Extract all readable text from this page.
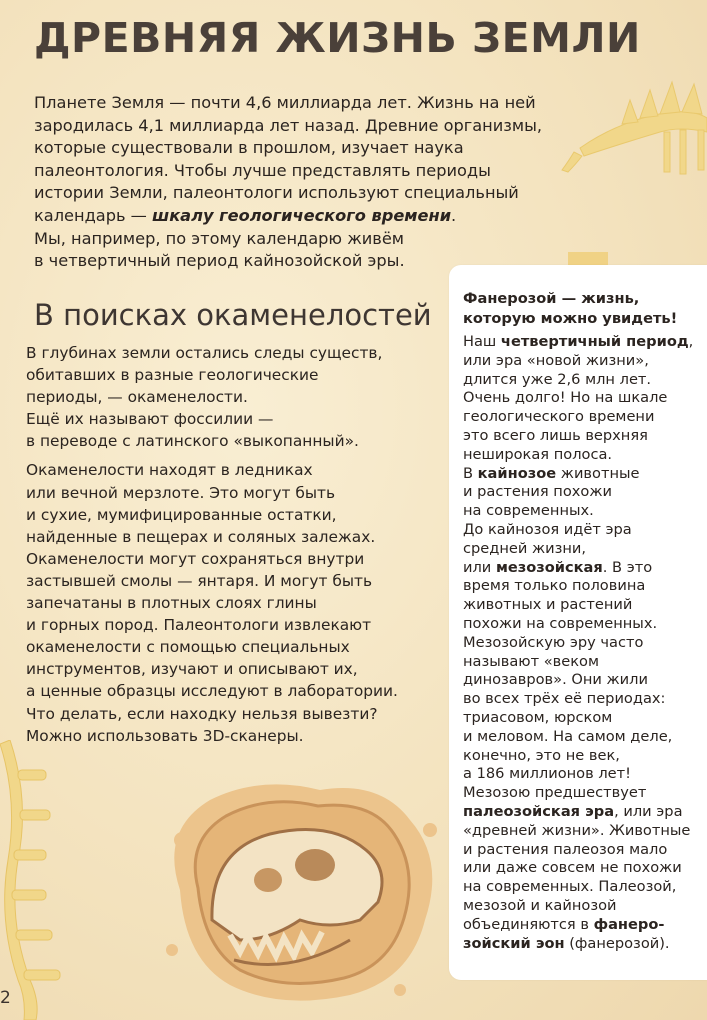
ДРЕВНЯЯ ЖИЗНЬ ЗЕМЛИ

Планете Земля — почти 4,6 миллиарда лет. Жизнь на ней
зародилась 4,1 миллиарда лет назад. Древние организмы,
которые существовали в прошлом, изучает наука
палеонтология. Чтобы лучше представлять периоды
истории Земли, палеонтологи используют специальный
календарь — шкалу геологического времени.
Мы, например, по этому календарю живём
в четвертичный период кайнозойской эры.

В поисках окаменелостей
В глубинах земли остались следы существ,
обитавших в разные геологические
периоды, — окаменелости.
Ещё их называют фоссилии —
в переводе с латинского «выкопанный».
Окаменелости находят в ледниках
или вечной мерзлоте. Это могут быть
и сухие, мумифицированные остатки,
найденные в пещерах и соляных залежах.
Окаменелости могут сохраняться внутри
застывшей смолы — янтаря. И могут быть
запечатаны в плотных слоях глины
и горных пород. Палеонтологи извлекают
окаменелости с помощью специальных
инструментов, изучают и описывают их,
а ценные образцы исследуют в лаборатории.
Что делать, если находку нельзя вывезти?
Можно использовать 3D-сканеры.
Фанерозой — жизнь,
которую можно увидеть!
Наш четвертичный период,
или эра «новой жизни»,
длится уже 2,6 млн лет.
Очень долго! Но на шкале
геологического времени
это всего лишь верхняя
неширокая полоса.
В кайнозое животные
и растения похожи
на современных.
До кайнозоя идёт эра
средней жизни,
или мезозойская. В это
время только половина
животных и растений
похожи на современных.
Мезозойскую эру часто
называют «веком
динозавров». Они жили
во всех трёх её периодах:
триасовом, юрском
и меловом. На самом деле,
конечно, это не век,
а 186 миллионов лет!
Мезозою предшествует
палеозойская эра, или эра
«древней жизни». Животные
и растения палеозоя мало
или даже совсем не похожи
на современных. Палеозой,
мезозой и кайнозой
объединяются в фанеро-
зойский эон (фанерозой).
2
